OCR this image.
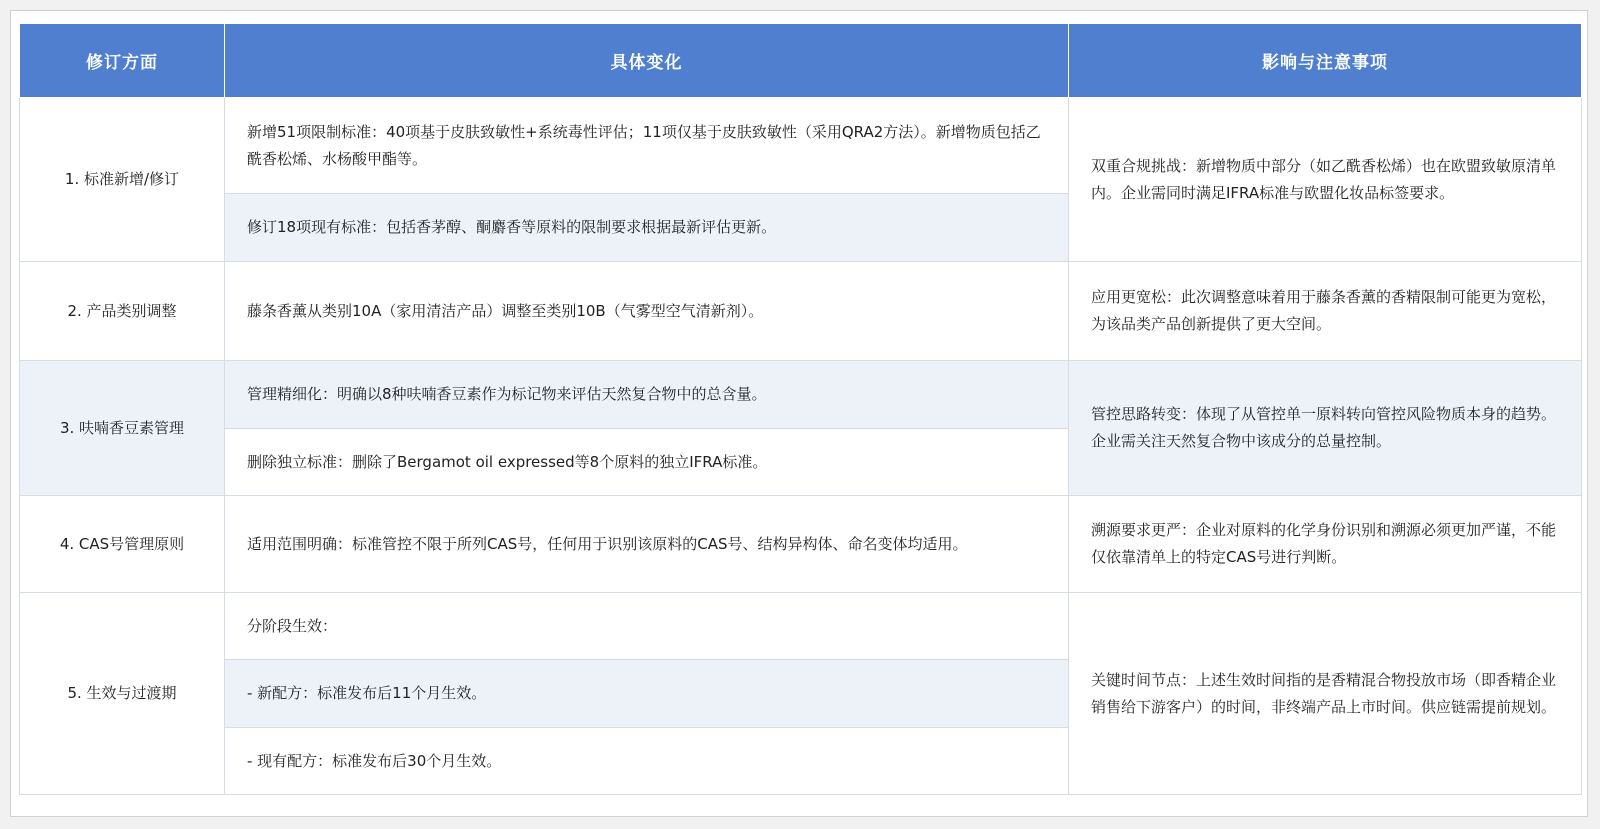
修订方面	具体变化	影响与注意事项
1. 标准新增/修订	新增51项限制标准：40项基于皮肤致敏性+系统毒性评估；11项仅基于皮肤致敏性（采用QRA2方法）。新增物质包括乙酰香松烯、水杨酸甲酯等。	双重合规挑战：新增物质中部分（如乙酰香松烯）也在欧盟致敏原清单内。企业需同时满足IFRA标准与欧盟化妆品标签要求。
	修订18项现有标准：包括香茅醇、酮麝香等原料的限制要求根据最新评估更新。	
2. 产品类别调整	藤条香薰从类别10A（家用清洁产品）调整至类别10B（气雾型空气清新剂）。	应用更宽松：此次调整意味着用于藤条香薰的香精限制可能更为宽松，为该品类产品创新提供了更大空间。
3. 呋喃香豆素管理	管理精细化：明确以8种呋喃香豆素作为标记物来评估天然复合物中的总含量。	管控思路转变：体现了从管控单一原料转向管控风险物质本身的趋势。企业需关注天然复合物中该成分的总量控制。
	删除独立标准：删除了Bergamot oil expressed等8个原料的独立IFRA标准。	
4. CAS号管理原则	适用范围明确：标准管控不限于所列CAS号，任何用于识别该原料的CAS号、结构异构体、命名变体均适用。	溯源要求更严：企业对原料的化学身份识别和溯源必须更加严谨，不能仅依靠清单上的特定CAS号进行判断。
5. 生效与过渡期	分阶段生效：	关键时间节点：上述生效时间指的是香精混合物投放市场（即香精企业销售给下游客户）的时间，非终端产品上市时间。供应链需提前规划。
	- 新配方：标准发布后11个月生效。	
	- 现有配方：标准发布后30个月生效。	
